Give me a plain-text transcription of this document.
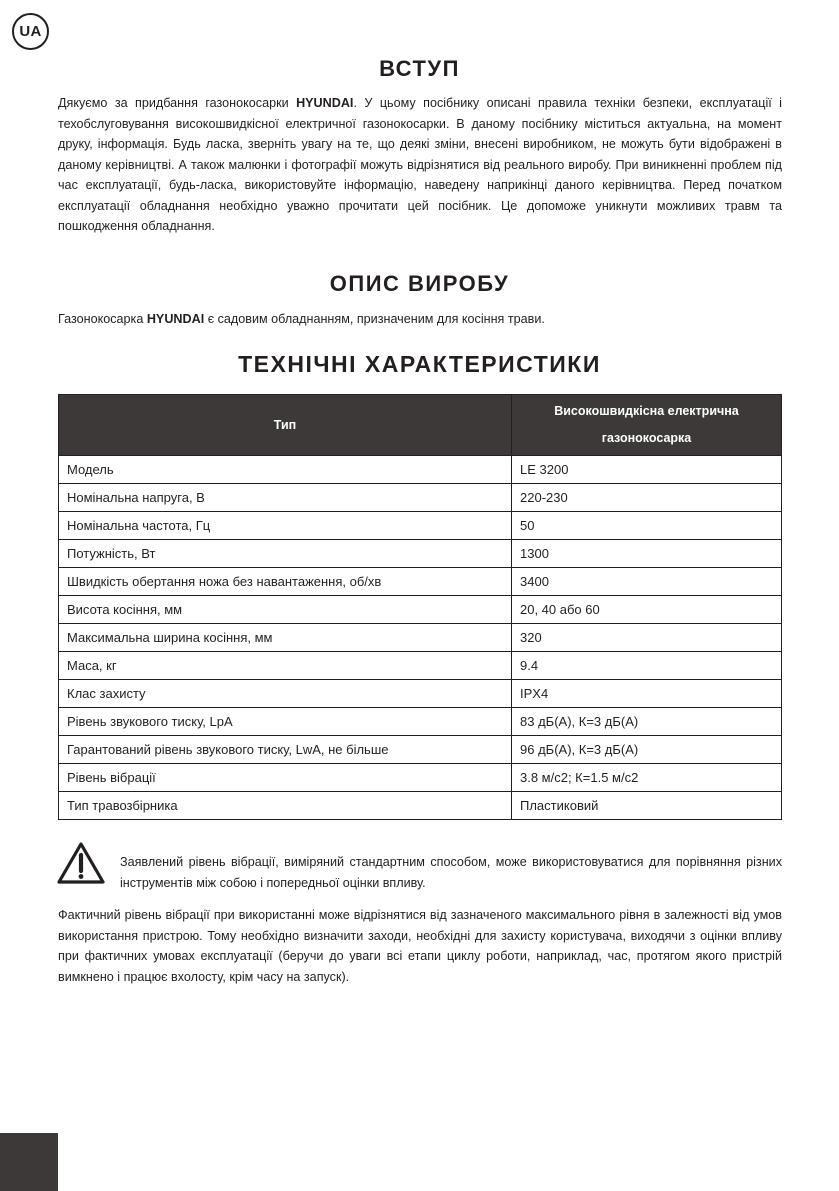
UA
ВСТУП

Дякуємо за придбання газонокосарки HYUNDAI. У цьому посібнику описані правила техніки безпеки, експлуатації і техобслуговування високошвидкісної електричної газонокосарки. В даному посібнику міститься актуальна, на момент друку, інформація. Будь ласка, зверніть увагу на те, що деякі зміни, внесені виробником, не можуть бути відображені в даному керівництві. А також малюнки і фотографії можуть відрізнятися від реального виробу. При виникненні проблем під час експлуатації, будь-ласка, використовуйте інформацію, наведену наприкінці даного керівництва. Перед початком експлуатації обладнання необхідно уважно прочитати цей посібник. Це допоможе уникнути можливих травм та пошкодження обладнання.

ОПИС ВИРОБУ

Газонокосарка HYUNDAI є садовим обладнанням, призначеним для косіння трави.

ТЕХНІЧНІ ХАРАКТЕРИСТИКИ
Тип	Високошвидкісна електрична
газонокосарка
Модель	LE 3200
Номінальна напруга, В	220-230
Номінальна частота, Гц	50
Потужність, Вт	1300
Швидкість обертання ножа без навантаження, об/хв	3400
Висота косіння, мм	20, 40 або 60
Максимальна ширина косіння, мм	320
Маса, кг	9.4
Клас захисту	IPX4
Рівень звукового тиску, LpA	83 дБ(А), К=3 дБ(А)
Гарантований рівень звукового тиску, LwA, не більше	96 дБ(А), К=3 дБ(А)
Рівень вібрації	3.8 м/с2; К=1.5 м/с2
Тип травозбірника	Пластиковий

Заявлений рівень вібрації, виміряний стандартним способом, може використовуватися для порівняння різних інструментів між собою і попередньої оцінки впливу.

Фактичний рівень вібрації при використанні може відрізнятися від зазначеного максимального рівня в залежності від умов використання пристрою. Тому необхідно визначити заходи, необхідні для захисту користувача, виходячи з оцінки впливу при фактичних умовах експлуатації (беручи до уваги всі етапи циклу роботи, наприклад, час, протягом якого пристрій вимкнено і працює вхолосту, крім часу на запуск).
